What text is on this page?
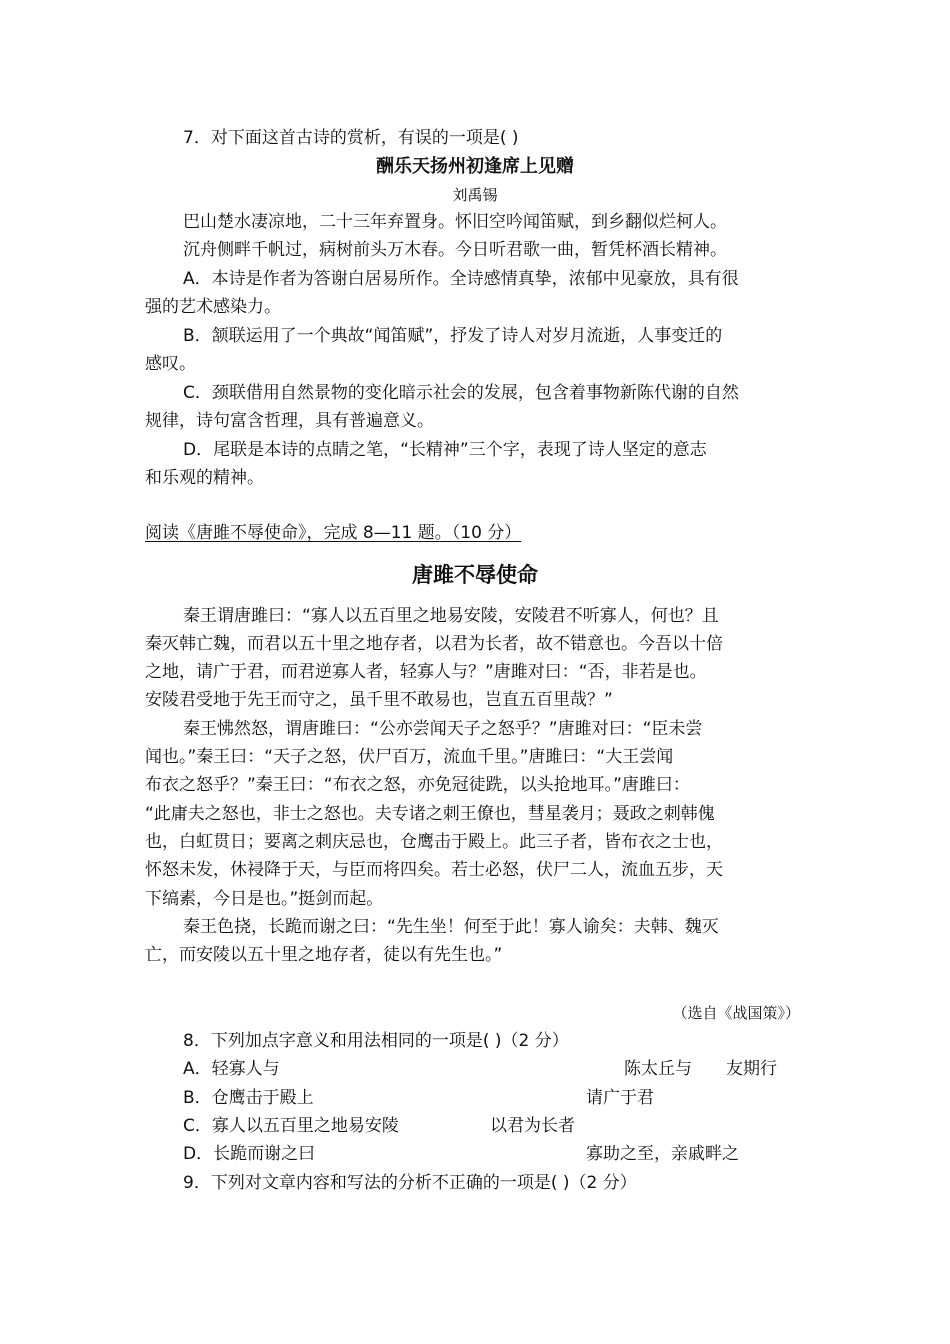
7．对下面这首古诗的赏析，有误的一项是( )
酬乐天扬州初逢席上见赠
刘禹锡
巴山楚水凄凉地，二十三年弃置身。怀旧空吟闻笛赋，到乡翻似烂柯人。
沉舟侧畔千帆过，病树前头万木春。今日听君歌一曲，暂凭杯酒长精神。
A．本诗是作者为答谢白居易所作。全诗感情真挚，浓郁中见豪放，具有很
强的艺术感染力。
B．颔联运用了一个典故“闻笛赋”，抒发了诗人对岁月流逝，人事变迁的
感叹。
C．颈联借用自然景物的变化暗示社会的发展，包含着事物新陈代谢的自然
规律，诗句富含哲理，具有普遍意义。
D．尾联是本诗的点睛之笔，“长精神”三个字，表现了诗人坚定的意志
和乐观的精神。
阅读《唐雎不辱使命》，完成 8—11 题。（10 分）
唐雎不辱使命
秦王谓唐雎曰：“寡人以五百里之地易安陵，安陵君不听寡人，何也？且
秦灭韩亡魏，而君以五十里之地存者，以君为长者，故不错意也。今吾以十倍
之地，请广于君，而君逆寡人者，轻寡人与？”唐雎对曰：“否，非若是也。
安陵君受地于先王而守之，虽千里不敢易也，岂直五百里哉？”
秦王怫然怒，谓唐雎曰：“公亦尝闻天子之怒乎？”唐雎对曰：“臣未尝
闻也。”秦王曰：“天子之怒，伏尸百万，流血千里。”唐雎曰：“大王尝闻
布衣之怒乎？”秦王曰：“布衣之怒，亦免冠徒跣，以头抢地耳。”唐雎曰：
“此庸夫之怒也，非士之怒也。夫专诸之刺王僚也，彗星袭月；聂政之刺韩傀
也，白虹贯日；要离之刺庆忌也，仓鹰击于殿上。此三子者，皆布衣之士也，
怀怒未发，休祲降于天，与臣而将四矣。若士必怒，伏尸二人，流血五步，天
下缟素，今日是也。”挺剑而起。
秦王色挠，长跪而谢之曰：“先生坐！何至于此！寡人谕矣：夫韩、魏灭
亡，而安陵以五十里之地存者，徒以有先生也。”
（选自《战国策》）
8．下列加点字意义和用法相同的一项是( )（2 分）
A．轻寡人与	陈太丘与　　友期行
B．仓鹰击于殿上	请广于君
C．寡人以五百里之地易安陵	以君为长者
D．长跪而谢之曰	寡助之至，亲戚畔之
9．下列对文章内容和写法的分析不正确的一项是( )（2 分）
